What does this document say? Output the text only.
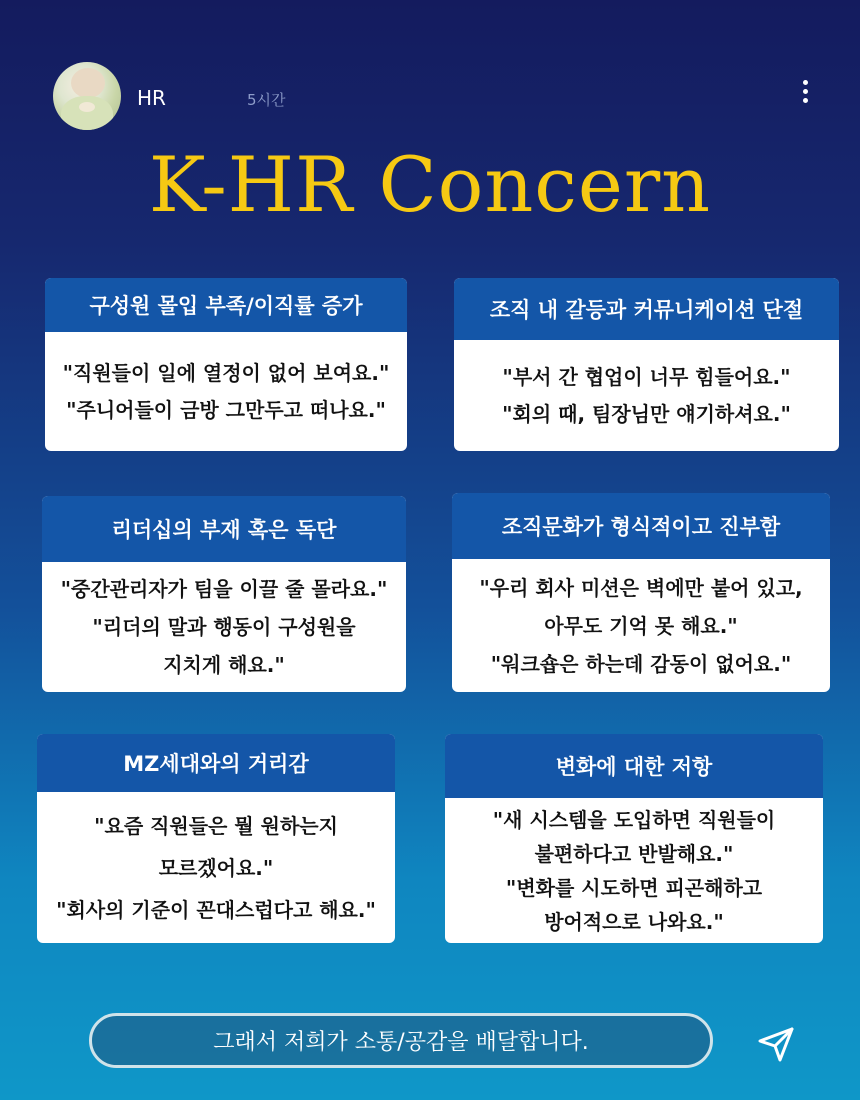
HR	5시간
K-HR Concern
구성원 몰입 부족/이직률 증가
"직원들이 일에 열정이 없어 보여요."
"주니어들이 금방 그만두고 떠나요."
조직 내 갈등과 커뮤니케이션 단절
"부서 간 협업이 너무 힘들어요."
"회의 때, 팀장님만 얘기하셔요."
리더십의 부재 혹은 독단
"중간관리자가 팀을 이끌 줄 몰라요."
"리더의 말과 행동이 구성원을
지치게 해요."
조직문화가 형식적이고 진부함
"우리 회사 미션은 벽에만 붙어 있고,
아무도 기억 못 해요."
"워크숍은 하는데 감동이 없어요."
MZ세대와의 거리감
"요즘 직원들은 뭘 원하는지
모르겠어요."
"회사의 기준이 꼰대스럽다고 해요."
변화에 대한 저항
"새 시스템을 도입하면 직원들이
불편하다고 반발해요."
"변화를 시도하면 피곤해하고
방어적으로 나와요."
그래서 저희가 소통/공감을 배달합니다.
